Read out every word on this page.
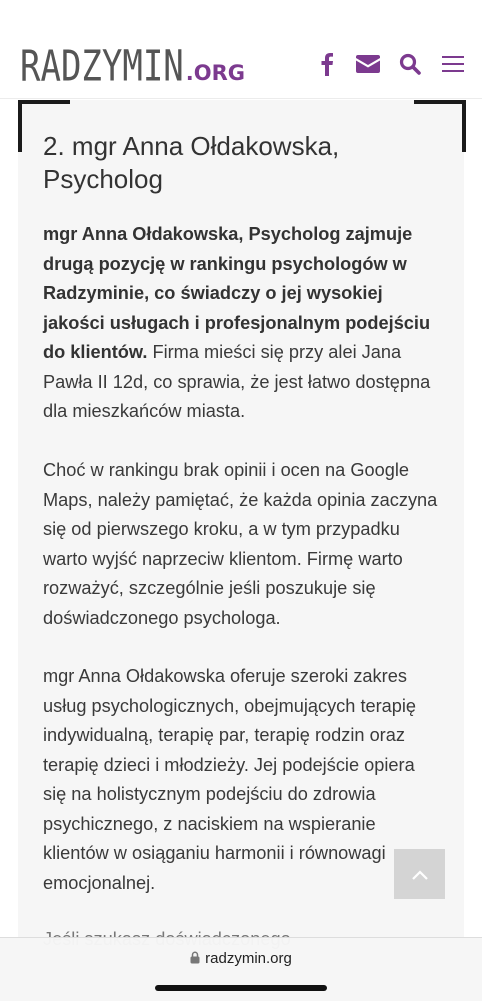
RADZYMIN .ORG
2. mgr Anna Ołdakowska, Psycholog

mgr Anna Ołdakowska, Psycholog zajmuje drugą pozycję w rankingu psychologów w Radzyminie, co świadczy o jej wysokiej jakości usługach i profesjonalnym podejściu do klientów. Firma mieści się przy alei Jana Pawła II 12d, co sprawia, że jest łatwo dostępna dla mieszkańców miasta.

Choć w rankingu brak opinii i ocen na Google Maps, należy pamiętać, że każda opinia zaczyna się od pierwszego kroku, a w tym przypadku warto wyjść naprzeciw klientom. Firmę warto rozważyć, szczególnie jeśli poszukuje się doświadczonego psychologa.

mgr Anna Ołdakowska oferuje szeroki zakres usług psychologicznych, obejmujących terapię indywidualną, terapię par, terapię rodzin oraz terapię dzieci i młodzieży. Jej podejście opiera się na holistycznym podejściu do zdrowia psychicznego, z naciskiem na wspieranie klientów w osiąganiu harmonii i równowagi emocjonalnej.

radzymin.org
